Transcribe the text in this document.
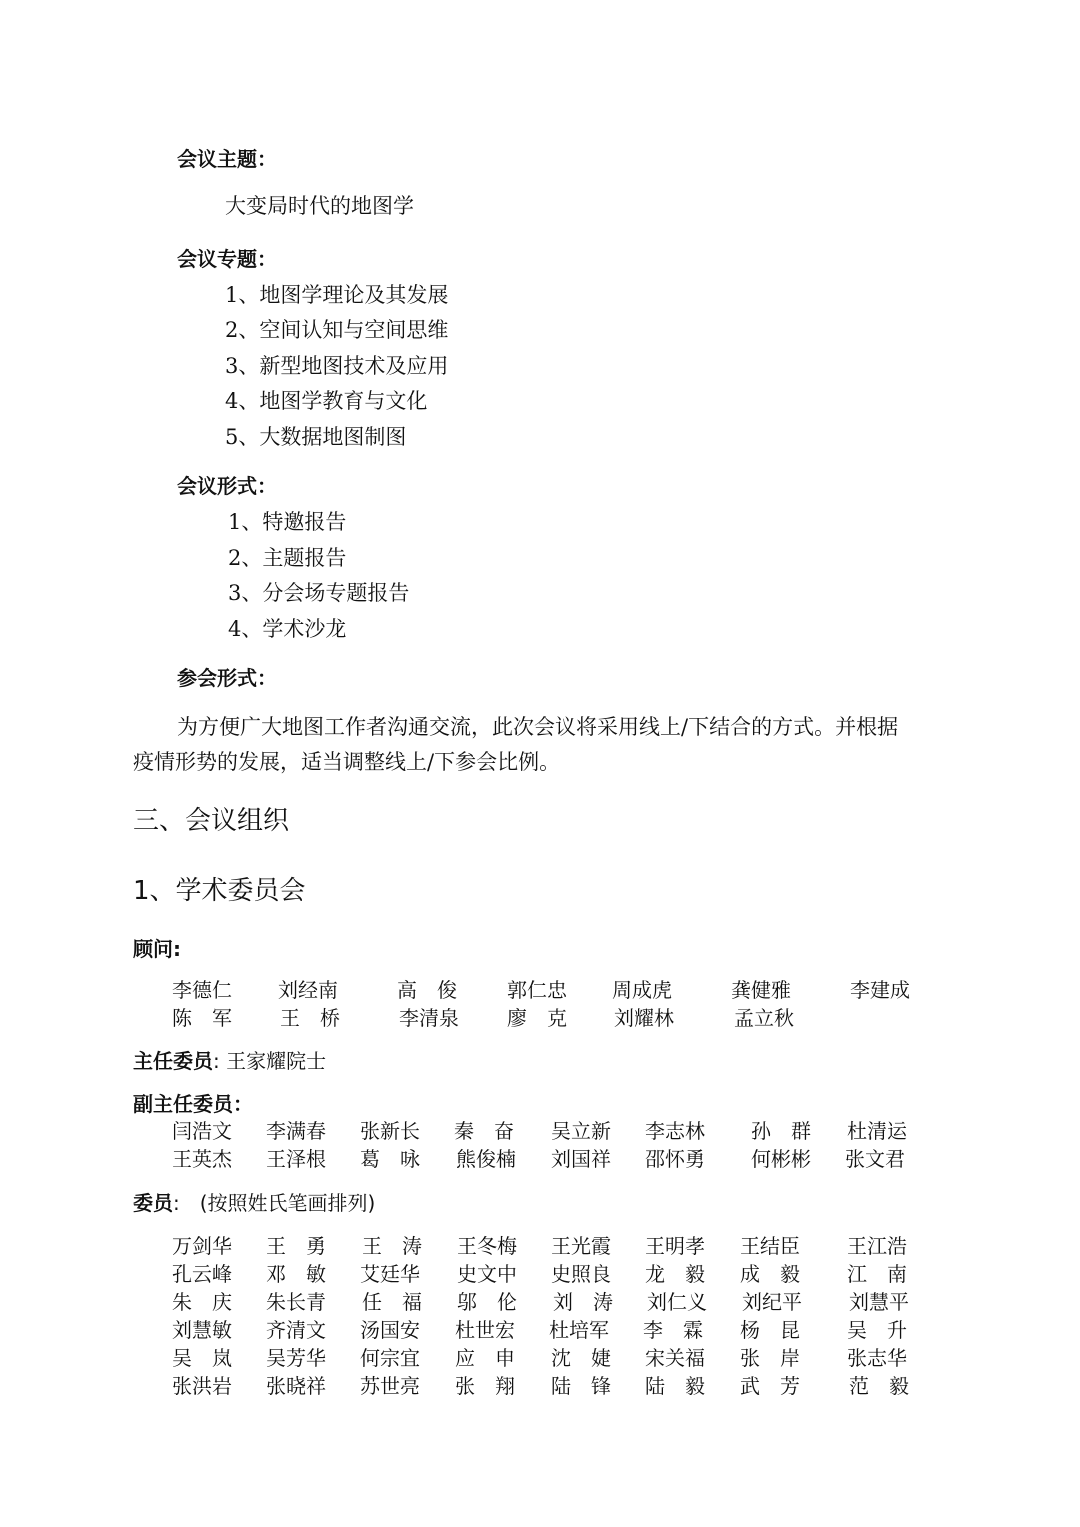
会议主题：
大变局时代的地图学
会议专题：
1、地图学理论及其发展
2、空间认知与空间思维
3、新型地图技术及应用
4、地图学教育与文化
5、大数据地图制图
会议形式：
1、特邀报告
2、主题报告
3、分会场专题报告
4、学术沙龙
参会形式：
为方便广大地图工作者沟通交流，此次会议将采用线上/下结合的方式。并根据
疫情形势的发展，适当调整线上/下参会比例。
三、会议组织
1、学术委员会
顾问:
李德仁 刘经南	高　俊	郭仁忠 周成虎	龚健雅	李建成
陈　军 王　桥	李清泉 廖　克 刘耀林	孟立秋
主任委员: 王家耀院士
副主任委员：
闫浩文 李满春 张新长 秦　奋 吴立新 李志林 孙　群 杜清运
王英杰 王泽根 葛　咏 熊俊楠 刘国祥 邵怀勇 何彬彬 张文君
委员:　(按照姓氏笔画排列)
万剑华 王　勇 王　涛 王冬梅 王光霞 王明孝 王结臣 王江浩
孔云峰 邓　敏 艾廷华 史文中 史照良 龙　毅 成　毅 江　南
朱　庆 朱长青 任　福 邬　伦 刘　涛 刘仁义 刘纪平 刘慧平
刘慧敏 齐清文 汤国安 杜世宏 杜培军 李　霖 杨　昆 吴　升
吴　岚 吴芳华 何宗宜 应　申 沈　婕 宋关福 张　岸 张志华
张洪岩 张晓祥 苏世亮 张　翔 陆　锋 陆　毅 武　芳 范　毅
